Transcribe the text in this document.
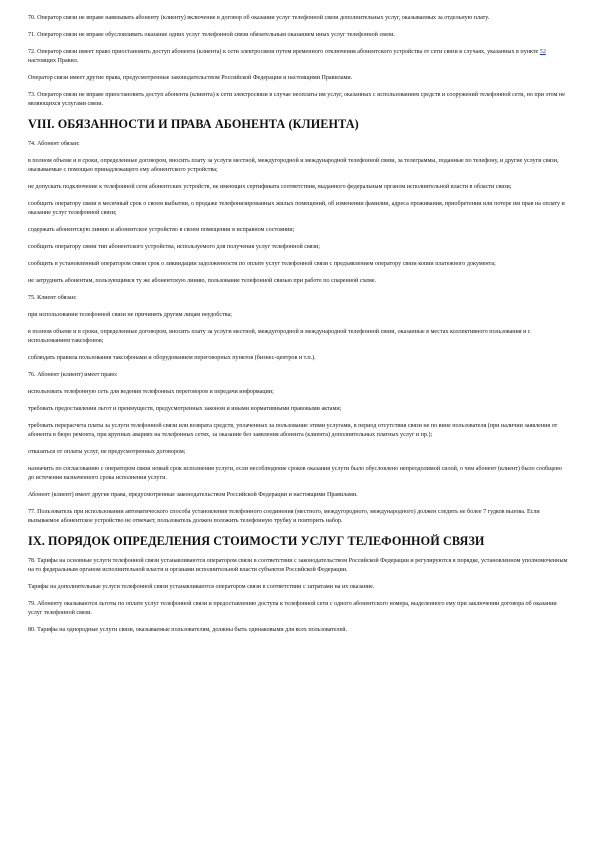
70. Оператор связи не вправе навязывать абоненту (клиенту) включение в договор об оказании услуг телефонной связи дополнительных услуг, оказываемых за отдельную плату.

71. Оператор связи не вправе обусловливать оказание одних услуг телефонной связи обязательным оказанием иных услуг телефонной связи.

72. Оператор связи имеет право приостановить доступ абонента (клиента) к сети электросвязи путем временного отключения абонентского устройства от сети связи в случаях, указанных в пункте 52 настоящих Правил.

Оператор связи имеет другие права, предусмотренные законодательством Российской Федерации и настоящими Правилами.

73. Оператор связи не вправе приостановить доступ абонента (клиента) к сети электросвязи в случае неоплаты им услуг, оказанных с использованием средств и сооружений телефонной сети, но при этом не являющихся услугами связи.

VIII. ОБЯЗАННОСТИ И ПРАВА АБОНЕНТА (КЛИЕНТА)

74. Абонент обязан:

в полном объеме и в сроки, определенные договором, вносить плату за услуги местной, междугородной и международной телефонной связи, за телеграммы, поданные по телефону, и другие услуги связи, оказываемые с помощью принадлежащего ему абонентского устройства;

не допускать подключение к телефонной сети абонентских устройств, не имеющих сертификата соответствия, выданного федеральным органом исполнительной власти в области связи;

сообщить оператору связи в месячный срок о своем выбытии, о продаже телефонизированных жилых помещений, об изменении фамилии, адреса проживания, приобретении или потере им прав на оплату и оказание услуг телефонной связи;

содержать абонентскую линию и абонентское устройство в своем помещении в исправном состоянии;

сообщить оператору связи тип абонентского устройства, используемого для получения услуг телефонной связи;

сообщить в установленный оператором связи срок о ликвидации задолженности по оплате услуг телефонной связи с предъявлением оператору связи копии платежного документа;

не затруднять абонентам, пользующимся ту же абонентскую линию, пользование телефонной связью при работе по спаренной схеме.

75. Клиент обязан:

при использовании телефонной связи не причинять другим лицам неудобства;

в полном объеме и в сроки, определенные договором, вносить плату за услуги местной, междугородной и международной телефонной связи, оказанные в местах коллективного пользования и с использованием таксофонов;

соблюдать правила пользования таксофонами и оборудованием переговорных пунктов (бизнес-центров и т.п.).

76. Абонент (клиент) имеет право:

использовать телефонную сеть для ведения телефонных переговоров и передачи информации;

требовать предоставления льгот и преимуществ, предусмотренных законом и иными нормативными правовыми актами;

требовать перерасчета платы за услуги телефонной связи или возврата средств, уплаченных за пользование этими услугами, в период отсутствия связи не по вине пользователя (при наличии заявления от абонента в бюро ремонта, при крупных авариях на телефонных сетях, за оказание без заявления абонента (клиента) дополнительных платных услуг и пр.);

отказаться от оплаты услуг, не предусмотренных договором;

назначить по согласованию с оператором связи новый срок исполнения услуги, если несоблюдение сроков оказания услуги было обусловлено непреодолимой силой, о чем абонент (клиент) было сообщено до истечения назначенного срока исполнения услуги.

Абонент (клиент) имеет другие права, предусмотренные законодательством Российской Федерации и настоящими Правилами.

77. Пользователь при использовании автоматического способа установления телефонного соединения (местного, междугородного, международного) должен следить не более 7 гудков вызова. Если вызываемое абонентское устройство не отвечает, пользователь должен положить телефонную трубку и повторить набор.

IX. ПОРЯДОК ОПРЕДЕЛЕНИЯ СТОИМОСТИ УСЛУГ ТЕЛЕФОННОЙ СВЯЗИ

78. Тарифы на основные услуги телефонной связи устанавливаются оператором связи в соответствии с законодательством Российской Федерации и регулируются в порядке, установленном уполномоченным на то федеральным органом исполнительной власти и органами исполнительной власти субъектов Российской Федерации.

Тарифы на дополнительные услуги телефонной связи устанавливаются оператором связи в соответствии с затратами на их оказание.

79. Абоненту оказываются льготы по оплате услуг телефонной связи и предоставлению доступа к телефонной сети с одного абонентского номера, выделенного ему при заключении договора об оказании услуг телефонной связи.

80. Тарифы на однородные услуги связи, оказываемые пользователям, должны быть одинаковыми для всех пользователей.
